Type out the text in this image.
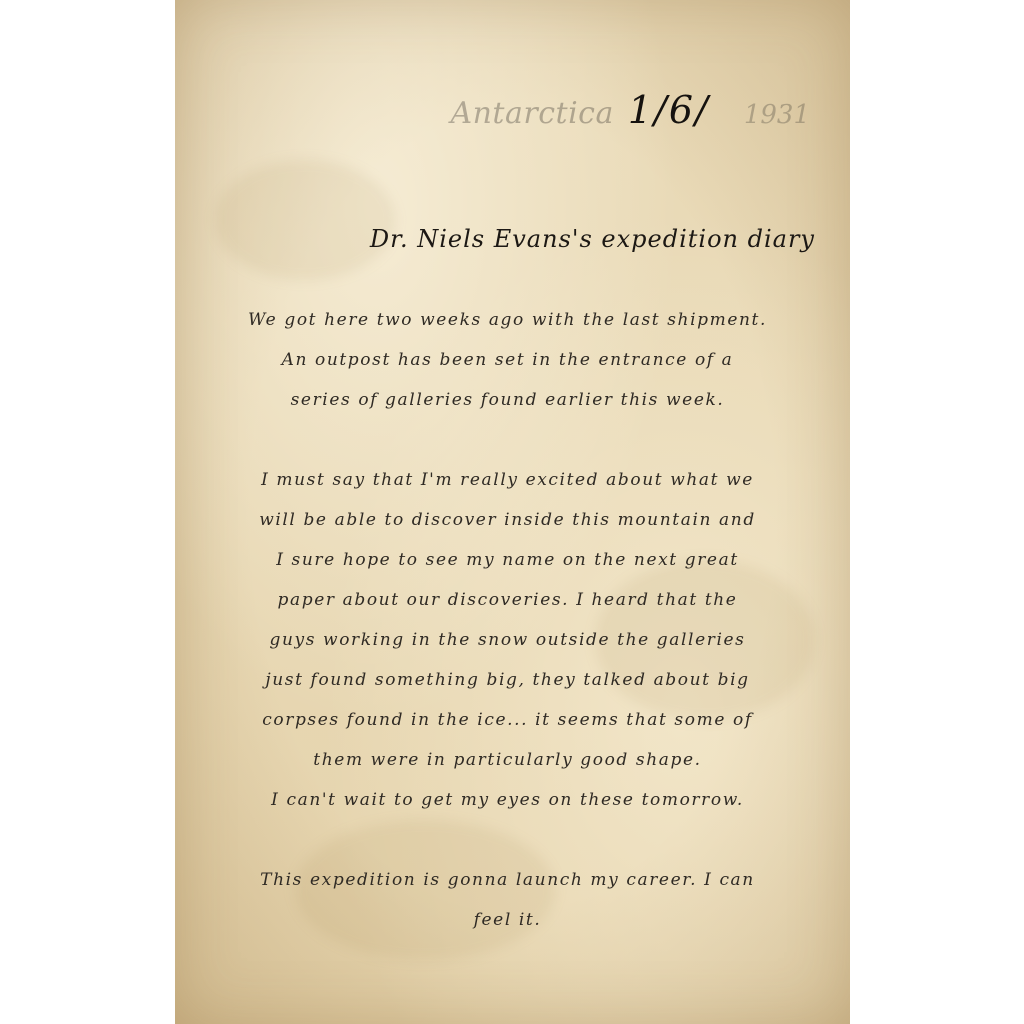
Antarctica 1/6/ 1931
Dr. Niels Evans's expedition diary

We got here two weeks ago with the last shipment.
An outpost has been set in the entrance of a
series of galleries found earlier this week.

I must say that I'm really excited about what we
will be able to discover inside this mountain and
I sure hope to see my name on the next great
paper about our discoveries. I heard that the
guys working in the snow outside the galleries
just found something big, they talked about big
corpses found in the ice... it seems that some of
them were in particularly good shape.
I can't wait to get my eyes on these tomorrow.

This expedition is gonna launch my career. I can
feel it.
